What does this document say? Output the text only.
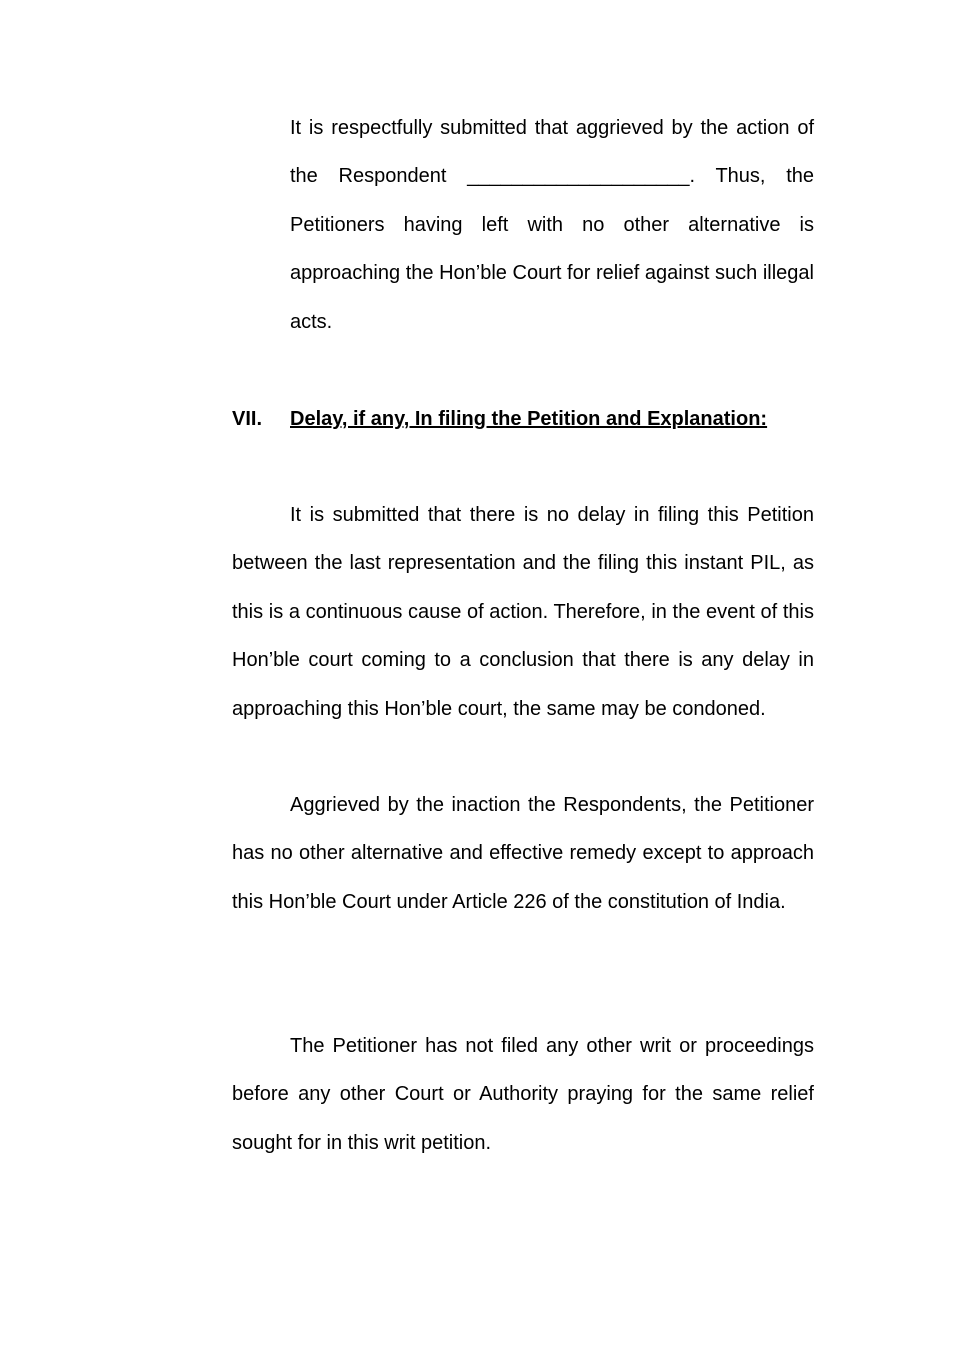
It is respectfully submitted that aggrieved by the action of the Respondent ____________________. Thus, the Petitioners having left with no other alternative is approaching the Hon’ble Court for relief against such illegal acts.

VII. Delay, if any, In filing the Petition and Explanation:

It is submitted that there is no delay in filing this Petition between the last representation and the filing this instant PIL, as this is a continuous cause of action. Therefore, in the event of this Hon’ble court coming to a conclusion that there is any delay in approaching this Hon’ble court, the same may be condoned.

Aggrieved by the inaction the Respondents, the Petitioner has no other alternative and effective remedy except to approach this Hon’ble Court under Article 226 of the constitution of India.

The Petitioner has not filed any other writ or proceedings before any other Court or Authority praying for the same relief sought for in this writ petition.
